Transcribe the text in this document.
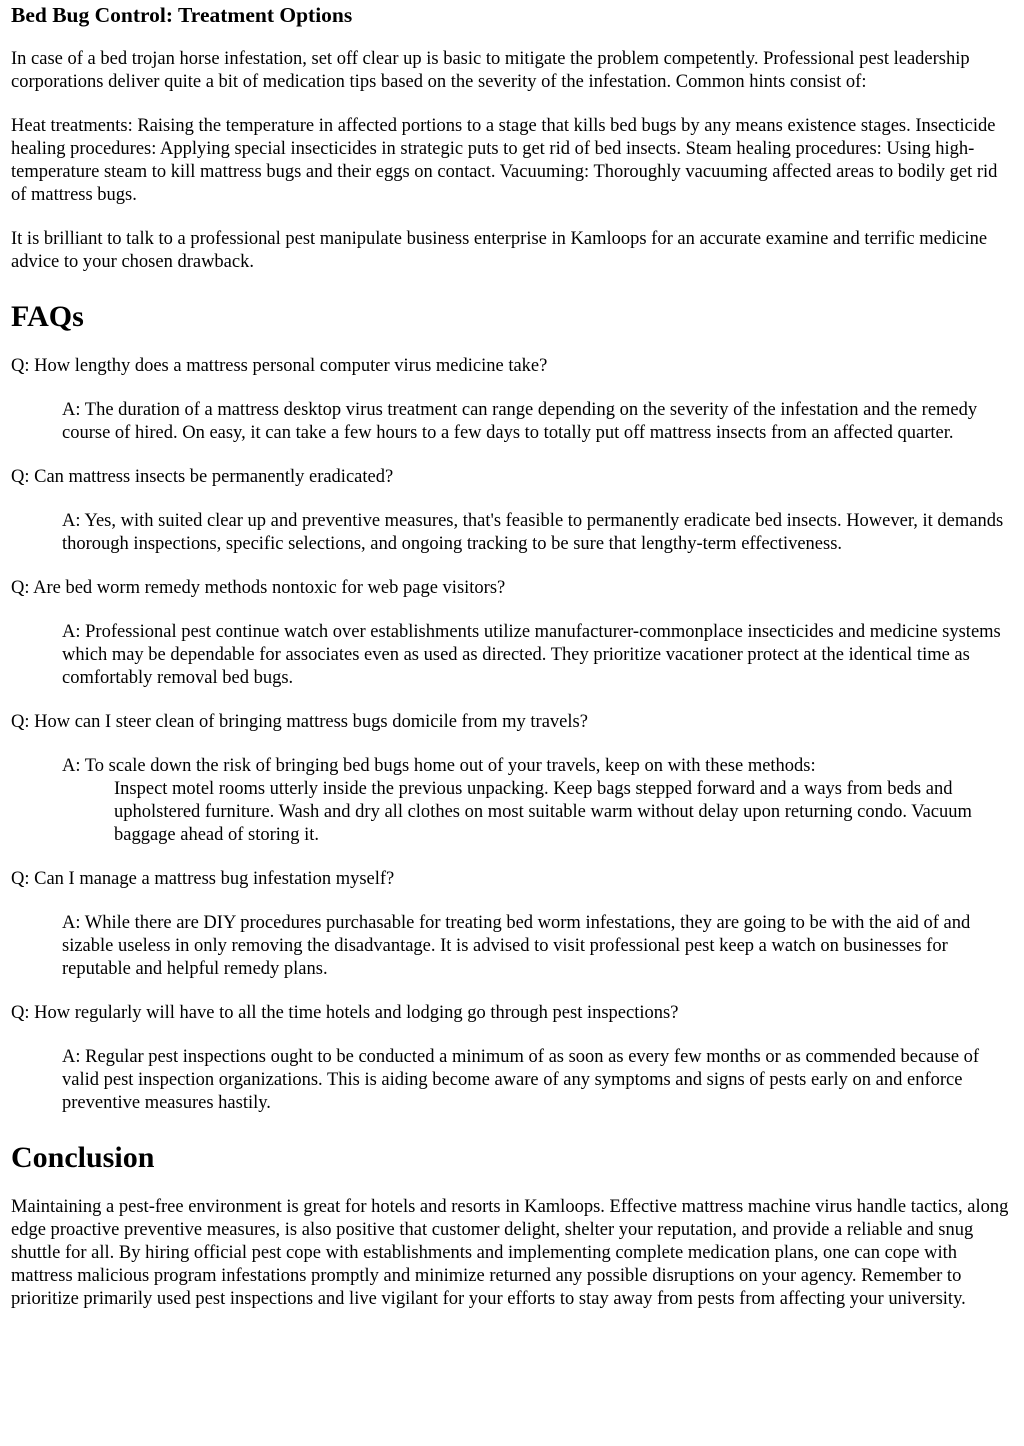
Bed Bug Control: Treatment Options

In case of a bed trojan horse infestation, set off clear up is basic to mitigate the problem competently. Professional pest leadership corporations deliver quite a bit of medication tips based on the severity of the infestation. Common hints consist of:

Heat treatments: Raising the temperature in affected portions to a stage that kills bed bugs by any means existence stages. Insecticide healing procedures: Applying special insecticides in strategic puts to get rid of bed insects. Steam healing procedures: Using high-temperature steam to kill mattress bugs and their eggs on contact. Vacuuming: Thoroughly vacuuming affected areas to bodily get rid of mattress bugs.

It is brilliant to talk to a professional pest manipulate business enterprise in Kamloops for an accurate examine and terrific medicine advice to your chosen drawback.

FAQs

Q: How lengthy does a mattress personal computer virus medicine take?

A: The duration of a mattress desktop virus treatment can range depending on the severity of the infestation and the remedy course of hired. On easy, it can take a few hours to a few days to totally put off mattress insects from an affected quarter.

Q: Can mattress insects be permanently eradicated?

A: Yes, with suited clear up and preventive measures, that's feasible to permanently eradicate bed insects. However, it demands thorough inspections, specific selections, and ongoing tracking to be sure that lengthy-term effectiveness.

Q: Are bed worm remedy methods nontoxic for web page visitors?

A: Professional pest continue watch over establishments utilize manufacturer-commonplace insecticides and medicine systems which may be dependable for associates even as used as directed. They prioritize vacationer protect at the identical time as comfortably removal bed bugs.

Q: How can I steer clean of bringing mattress bugs domicile from my travels?

A: To scale down the risk of bringing bed bugs home out of your travels, keep on with these methods:

Inspect motel rooms utterly inside the previous unpacking. Keep bags stepped forward and a ways from beds and upholstered furniture. Wash and dry all clothes on most suitable warm without delay upon returning condo. Vacuum baggage ahead of storing it.

Q: Can I manage a mattress bug infestation myself?

A: While there are DIY procedures purchasable for treating bed worm infestations, they are going to be with the aid of and sizable useless in only removing the disadvantage. It is advised to visit professional pest keep a watch on businesses for reputable and helpful remedy plans.

Q: How regularly will have to all the time hotels and lodging go through pest inspections?

A: Regular pest inspections ought to be conducted a minimum of as soon as every few months or as commended because of valid pest inspection organizations. This is aiding become aware of any symptoms and signs of pests early on and enforce preventive measures hastily.

Conclusion

Maintaining a pest-free environment is great for hotels and resorts in Kamloops. Effective mattress machine virus handle tactics, along edge proactive preventive measures, is also positive that customer delight, shelter your reputation, and provide a reliable and snug shuttle for all. By hiring official pest cope with establishments and implementing complete medication plans, one can cope with mattress malicious program infestations promptly and minimize returned any possible disruptions on your agency. Remember to prioritize primarily used pest inspections and live vigilant for your efforts to stay away from pests from affecting your university.
